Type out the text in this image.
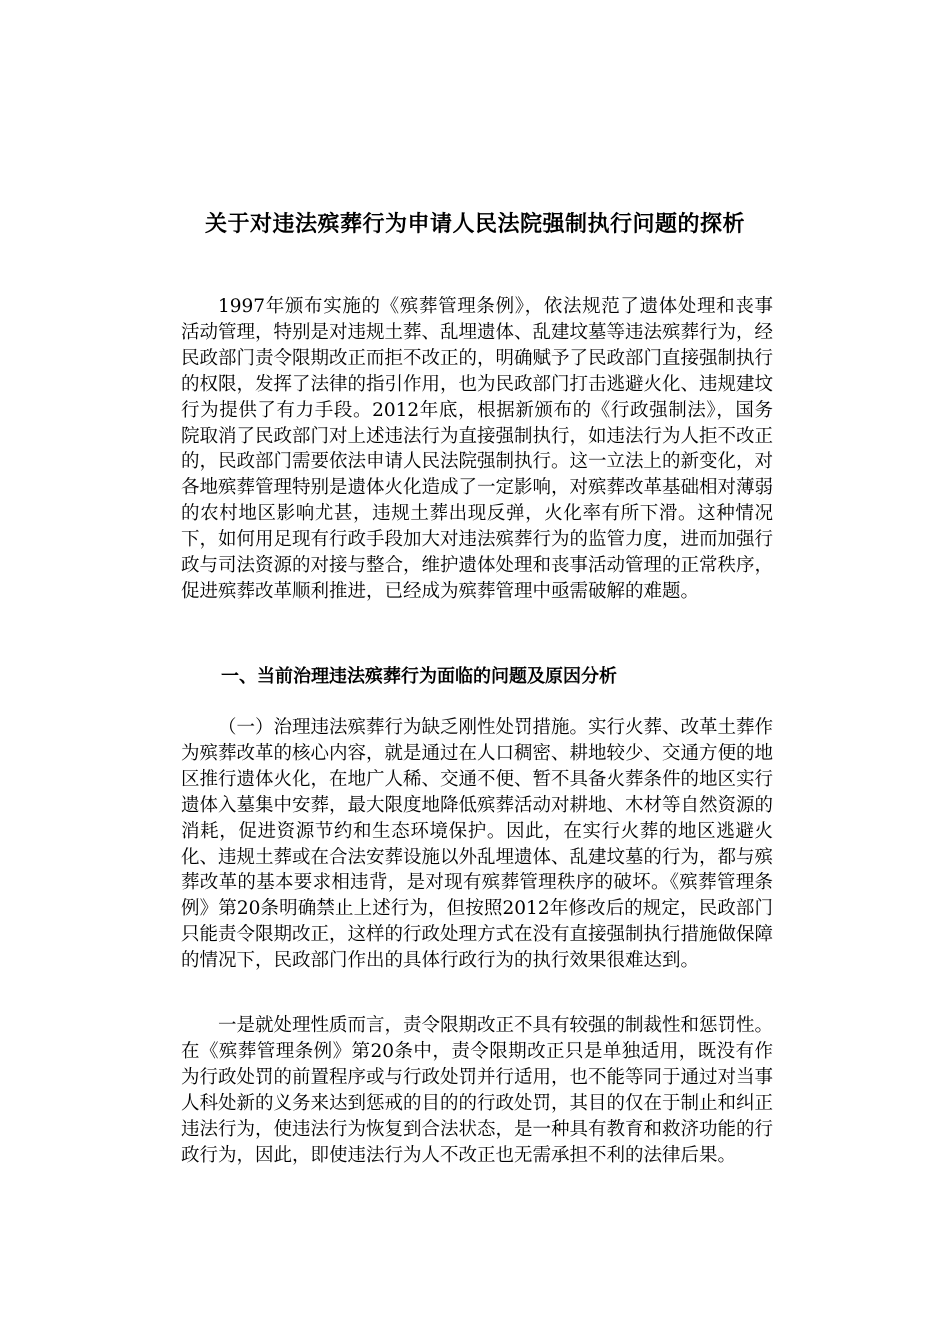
关于对违法殡葬行为申请人民法院强制执行问题的探析

1997年颁布实施的《殡葬管理条例》，依法规范了遗体处理和丧事活动管理，特别是对违规土葬、乱埋遗体、乱建坟墓等违法殡葬行为，经民政部门责令限期改正而拒不改正的，明确赋予了民政部门直接强制执行的权限，发挥了法律的指引作用，也为民政部门打击逃避火化、违规建坟行为提供了有力手段。2012年底，根据新颁布的《行政强制法》，国务院取消了民政部门对上述违法行为直接强制执行，如违法行为人拒不改正的，民政部门需要依法申请人民法院强制执行。这一立法上的新变化，对各地殡葬管理特别是遗体火化造成了一定影响，对殡葬改革基础相对薄弱的农村地区影响尤甚，违规土葬出现反弹，火化率有所下滑。这种情况下，如何用足现有行政手段加大对违法殡葬行为的监管力度，进而加强行政与司法资源的对接与整合，维护遗体处理和丧事活动管理的正常秩序，促进殡葬改革顺利推进，已经成为殡葬管理中亟需破解的难题。

一、当前治理违法殡葬行为面临的问题及原因分析

（一）治理违法殡葬行为缺乏刚性处罚措施。实行火葬、改革土葬作为殡葬改革的核心内容，就是通过在人口稠密、耕地较少、交通方便的地区推行遗体火化，在地广人稀、交通不便、暂不具备火葬条件的地区实行遗体入墓集中安葬，最大限度地降低殡葬活动对耕地、木材等自然资源的消耗，促进资源节约和生态环境保护。因此，在实行火葬的地区逃避火化、违规土葬或在合法安葬设施以外乱埋遗体、乱建坟墓的行为，都与殡葬改革的基本要求相违背，是对现有殡葬管理秩序的破坏。《殡葬管理条例》第20条明确禁止上述行为，但按照2012年修改后的规定，民政部门只能责令限期改正，这样的行政处理方式在没有直接强制执行措施做保障的情况下，民政部门作出的具体行政行为的执行效果很难达到。

一是就处理性质而言，责令限期改正不具有较强的制裁性和惩罚性。在《殡葬管理条例》第20条中，责令限期改正只是单独适用，既没有作为行政处罚的前置程序或与行政处罚并行适用，也不能等同于通过对当事人科处新的义务来达到惩戒的目的的行政处罚，其目的仅在于制止和纠正违法行为，使违法行为恢复到合法状态，是一种具有教育和救济功能的行政行为，因此，即使违法行为人不改正也无需承担不利的法律后果。
